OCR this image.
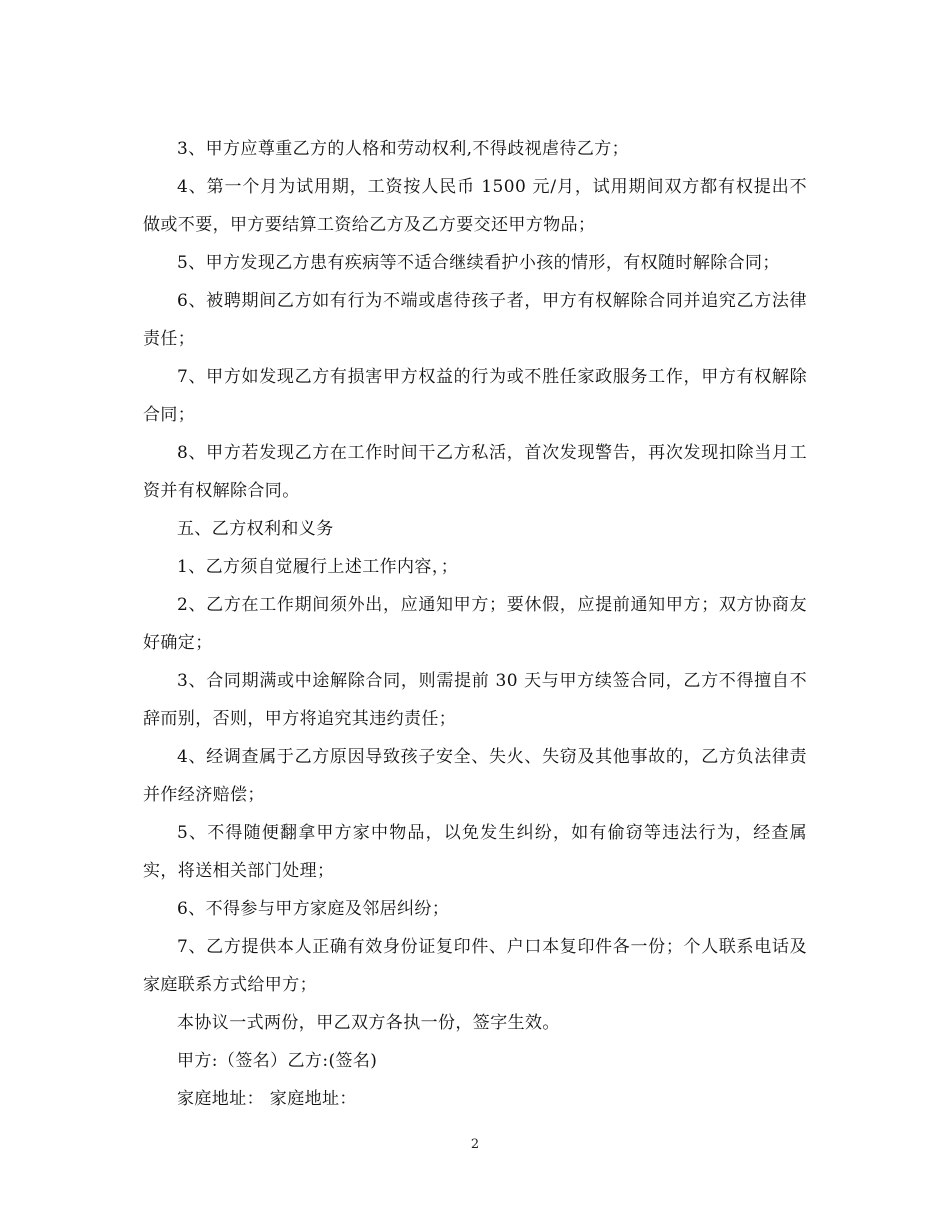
3、甲方应尊重乙方的人格和劳动权利,不得歧视虐待乙方；

4、第一个月为试用期，工资按人民币 1500 元/月，试用期间双方都有权提出不做或不要，甲方要结算工资给乙方及乙方要交还甲方物品；

5、甲方发现乙方患有疾病等不适合继续看护小孩的情形，有权随时解除合同；

6、被聘期间乙方如有行为不端或虐待孩子者，甲方有权解除合同并追究乙方法律责任；

7、甲方如发现乙方有损害甲方权益的行为或不胜任家政服务工作，甲方有权解除合同；

8、甲方若发现乙方在工作时间干乙方私活，首次发现警告，再次发现扣除当月工资并有权解除合同。

五、乙方权利和义务

1、乙方须自觉履行上述工作内容，；

2、乙方在工作期间须外出，应通知甲方；要休假，应提前通知甲方；双方协商友好确定；

3、合同期满或中途解除合同，则需提前 30 天与甲方续签合同，乙方不得擅自不辞而别，否则，甲方将追究其违约责任；

4、经调查属于乙方原因导致孩子安全、失火、失窃及其他事故的，乙方负法律责并作经济赔偿；

5、不得随便翻拿甲方家中物品，以免发生纠纷，如有偷窃等违法行为，经查属实，将送相关部门处理；

6、不得参与甲方家庭及邻居纠纷；

7、乙方提供本人正确有效身份证复印件、户口本复印件各一份；个人联系电话及家庭联系方式给甲方；

本协议一式两份，甲乙双方各执一份，签字生效。

甲方:（签名）乙方:(签名)

家庭地址： 家庭地址：

2
